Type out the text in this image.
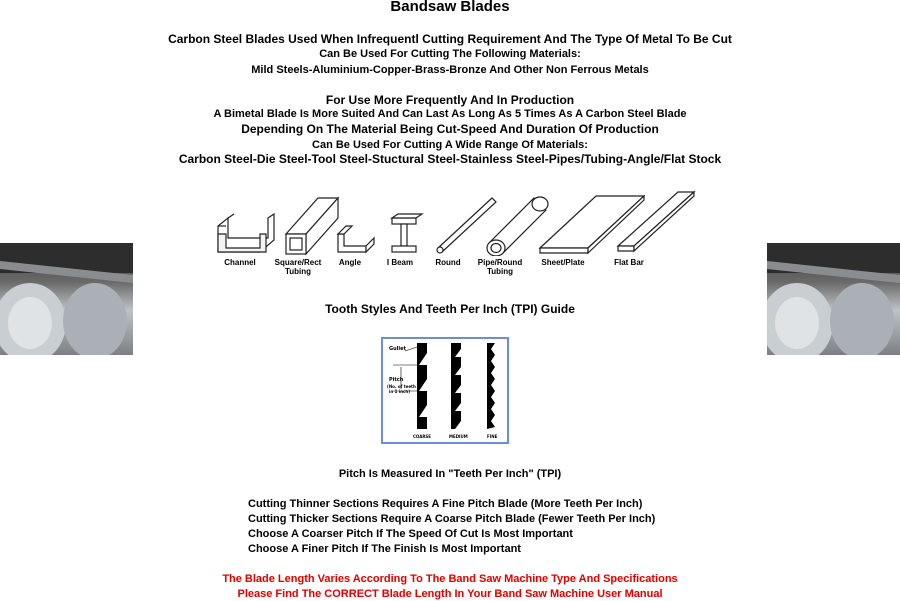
Bandsaw Blades
Carbon Steel Blades Used When Infrequentl Cutting Requirement And The Type Of Metal To Be Cut
Can Be Used For Cutting The Following Materials:
Mild Steels-Aluminium-Copper-Brass-Bronze And Other Non Ferrous Metals
For Use More Frequently And In Production
A Bimetal Blade Is More Suited And Can Last As Long As 5 Times As A Carbon Steel Blade
Depending On The Material Being Cut-Speed And Duration Of Production
Can Be Used For Cutting A Wide Range Of Materials:
Carbon Steel-Die Steel-Tool Steel-Stuctural Steel-Stainless Steel-Pipes/Tubing-Angle/Flat Stock
Channel	Square/Rect
Tubing
Angle	I Beam	Round	Pipe/Round
Tubing
Sheet/Plate	Flat Bar
Tooth Styles And Teeth Per Inch (TPI) Guide
Gullet
Pitch
(No. of teeth
in 1 inch)
COARSE	MEDIUM	FINE
Pitch Is Measured In "Teeth Per Inch" (TPI)
Cutting Thinner Sections Requires A Fine Pitch Blade (More Teeth Per Inch)
Cutting Thicker Sections Require A Coarse Pitch Blade (Fewer Teeth Per Inch)
Choose A Coarser Pitch If The Speed Of Cut Is Most Important
Choose A Finer Pitch If The Finish Is Most Important
The Blade Length Varies According To The Band Saw Machine Type And Specifications
Please Find The CORRECT Blade Length In Your Band Saw Machine User Manual
